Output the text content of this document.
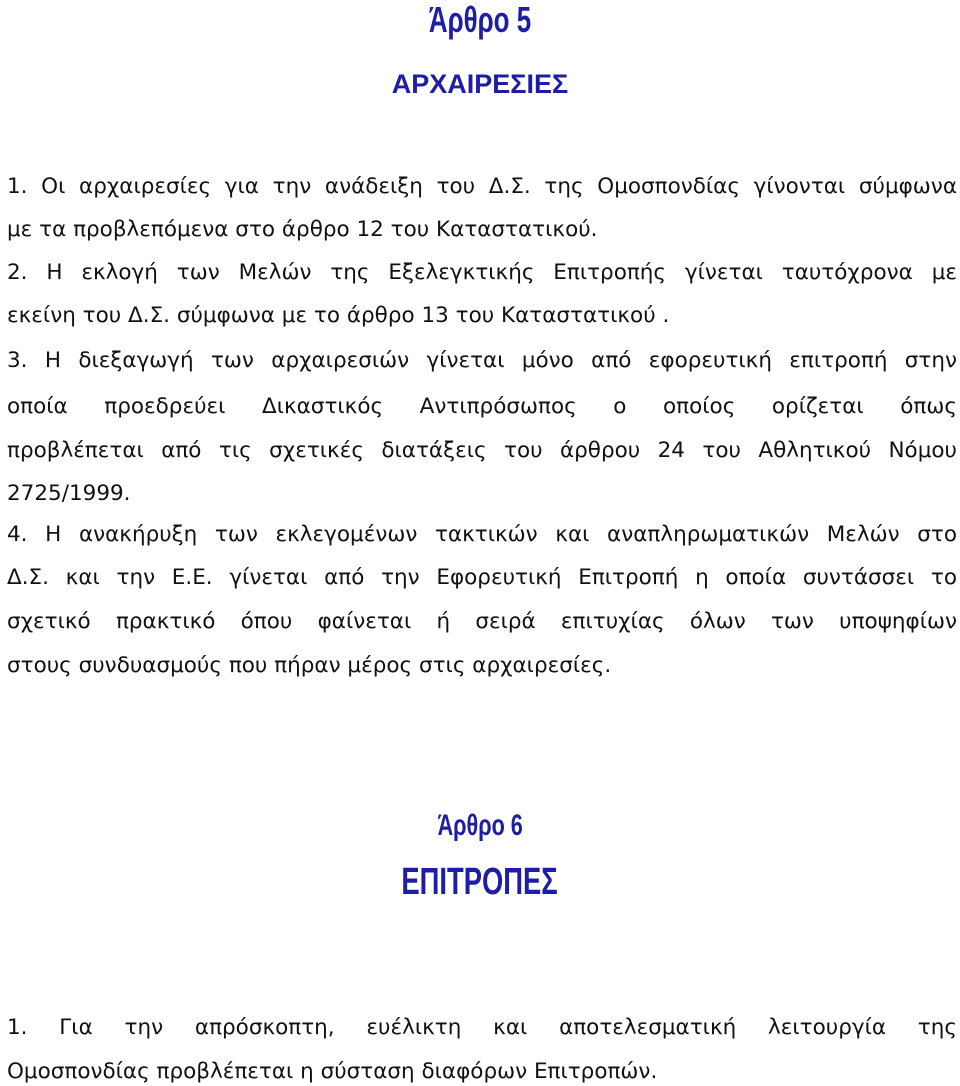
Άρθρο 5
ΑΡΧΑΙΡΕΣΙΕΣ
1. Οι αρχαιρεσίες για την ανάδειξη του Δ.Σ. της Ομοσπονδίας γίνονται σύμφωνα
με τα προβλεπόμενα στο άρθρο 12 του Καταστατικού.
2. Η εκλογή των Μελών της Εξελεγκτικής Επιτροπής γίνεται ταυτόχρονα με
εκείνη του Δ.Σ. σύμφωνα με το άρθρο 13 του Καταστατικού .
3. Η διεξαγωγή των αρχαιρεσιών γίνεται μόνο από εφορευτική επιτροπή στην
οποία προεδρεύει Δικαστικός Αντιπρόσωπος ο οποίος ορίζεται όπως
προβλέπεται από τις σχετικές διατάξεις του άρθρου 24 του Αθλητικού Νόμου
2725/1999.
4. Η ανακήρυξη των εκλεγομένων τακτικών και αναπληρωματικών Μελών στο
Δ.Σ. και την Ε.Ε. γίνεται από την Εφορευτική Επιτροπή η οποία συντάσσει το
σχετικό πρακτικό όπου φαίνεται ή σειρά επιτυχίας όλων των υποψηφίων
στους συνδυασμούς που πήραν μέρος στις αρχαιρεσίες.
Άρθρο 6
ΕΠΙΤΡΟΠΕΣ
1. Για την απρόσκοπτη, ευέλικτη και αποτελεσματική λειτουργία της
Ομοσπονδίας προβλέπεται η σύσταση διαφόρων Επιτροπών.
